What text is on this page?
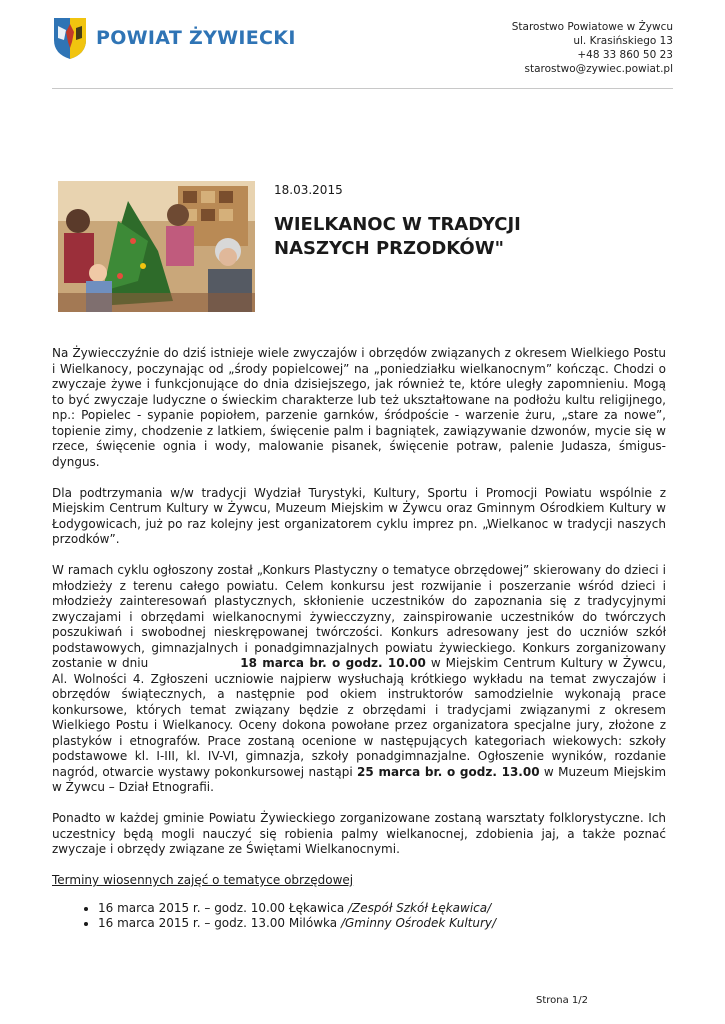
POWIAT ŻYWIECKI	Starostwo Powiatowe w Żywcu
ul. Krasińskiego 13
+48 33 860 50 23
starostwo@zywiec.powiat.pl
18.03.2015
WIELKANOC W TRADYCJI
NASZYCH PRZODKÓW"

Na Żywiecczyźnie do dziś istnieje wiele zwyczajów i obrzędów związanych z okresem Wielkiego Postu i Wielkanocy, poczynając od „środy popielcowej” na „poniedziałku wielkanocnym” kończąc. Chodzi o zwyczaje żywe i funkcjonujące do dnia dzisiejszego, jak również te, które uległy zapomnieniu. Mogą to być zwyczaje ludyczne o świeckim charakterze lub też ukształtowane na podłożu kultu religijnego, np.: Popielec - sypanie popiołem, parzenie garnków, śródpoście - warzenie żuru, „stare za nowe”, topienie zimy, chodzenie z latkiem, święcenie palm i bagniątek, zawiązywanie dzwonów, mycie się w rzece, święcenie ognia i wody, malowanie pisanek, święcenie potraw, palenie Judasza, śmigus-dyngus.

Dla podtrzymania w/w tradycji Wydział Turystyki, Kultury, Sportu i Promocji Powiatu wspólnie z Miejskim Centrum Kultury w Żywcu, Muzeum Miejskim w Żywcu oraz Gminnym Ośrodkiem Kultury w Łodygowicach, już po raz kolejny jest organizatorem cyklu imprez pn. „Wielkanoc w tradycji naszych przodków”.

W ramach cyklu ogłoszony został „Konkurs Plastyczny o tematyce obrzędowej” skierowany do dzieci i młodzieży z terenu całego powiatu. Celem konkursu jest rozwijanie i poszerzanie wśród dzieci i młodzieży zainteresowań plastycznych, skłonienie uczestników do zapoznania się z tradycyjnymi zwyczajami i obrzędami wielkanocnymi żywiecczyzny, zainspirowanie uczestników do twórczych poszukiwań i swobodnej nieskrępowanej twórczości. Konkurs adresowany jest do uczniów szkół podstawowych, gimnazjalnych i ponadgimnazjalnych powiatu żywieckiego. Konkurs zorganizowany zostanie w dniu	18 marca br. o godz. 10.00 w Miejskim Centrum Kultury w Żywcu, Al. Wolności 4. Zgłoszeni uczniowie najpierw wysłuchają krótkiego wykładu na temat zwyczajów i obrzędów świątecznych, a następnie pod okiem instruktorów samodzielnie wykonają prace konkursowe, których temat związany będzie z obrzędami i tradycjami związanymi z okresem Wielkiego Postu i Wielkanocy. Oceny dokona powołane przez organizatora specjalne jury, złożone z plastyków i etnografów. Prace zostaną ocenione w następujących kategoriach wiekowych: szkoły podstawowe kl. I-III, kl. IV-VI, gimnazja, szkoły ponadgimnazjalne. Ogłoszenie wyników, rozdanie nagród, otwarcie wystawy pokonkursowej nastąpi 25 marca br. o godz. 13.00 w Muzeum Miejskim w Żywcu – Dział Etnografii.

Ponadto w każdej gminie Powiatu Żywieckiego zorganizowane zostaną warsztaty folklorystyczne. Ich uczestnicy będą mogli nauczyć się robienia palmy wielkanocnej, zdobienia jaj, a także poznać zwyczaje i obrzędy związane ze Świętami Wielkanocnymi.

Terminy wiosennych zajęć o tematyce obrzędowej

• 16 marca 2015 r. – godz. 10.00 Łękawica /Zespół Szkół Łękawica/
• 16 marca 2015 r. – godz. 13.00 Milówka /Gminny Ośrodek Kultury/
Strona 1/2
